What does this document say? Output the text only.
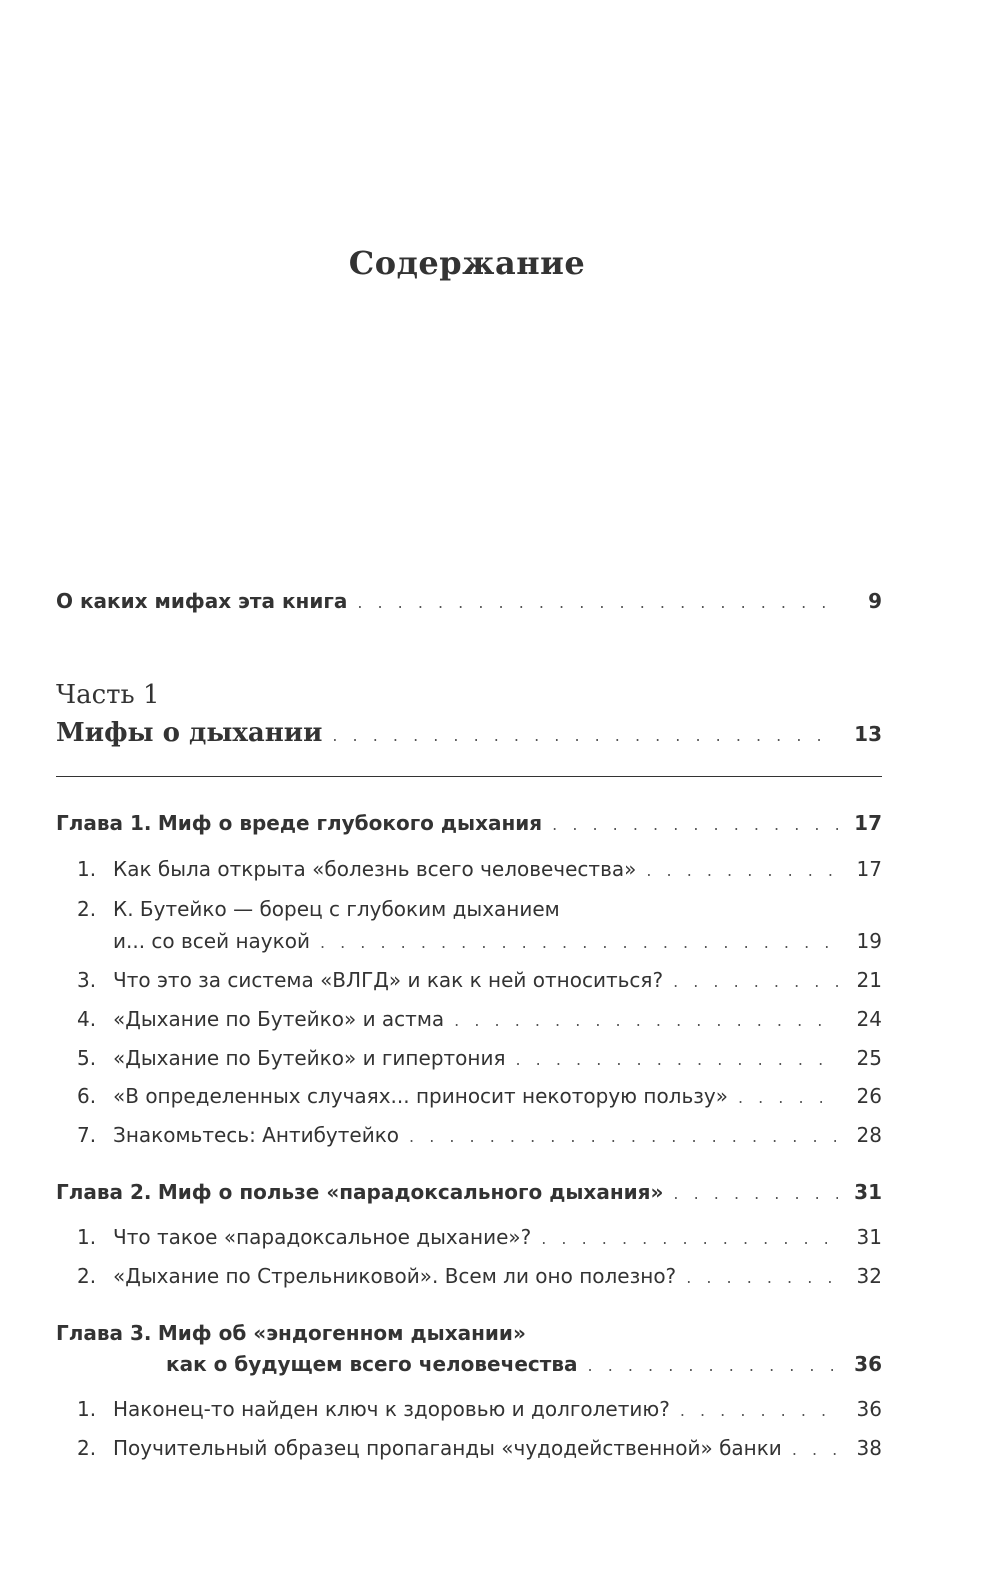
Содержание
О каких мифах эта книга . . .	9
Часть 1
Мифы о дыхании . . .	13
Глава 1.
Миф о вреде глубокого дыхания . . .	17
1. Как была открыта «болезнь всего человечества» . . .	17
2. К. Бутейко — борец с глубоким дыханием
и... со всей наукой . . .	19
3. Что это за система «ВЛГД» и как к ней относиться? . . .	21
4. «Дыхание по Бутейко» и астма . . .	24
5. «Дыхание по Бутейко» и гипертония . . .	25
6. «В определенных случаях... приносит некоторую пользу» . . .	26
7. Знакомьтесь: Антибутейко . . .	28
Глава 2.
Миф о пользе «парадоксального дыхания» . . .	31
1. Что такое «парадоксальное дыхание»? . . .	31
2. «Дыхание по Стрельниковой». Всем ли оно полезно? . . .	32
Глава 3.
Миф об «эндогенном дыхании»
как о будущем всего человечества . . .	36
1. Наконец-то найден ключ к здоровью и долголетию? . . .	36
2. Поучительный образец пропаганды «чудодейственной» банки . . .	38
